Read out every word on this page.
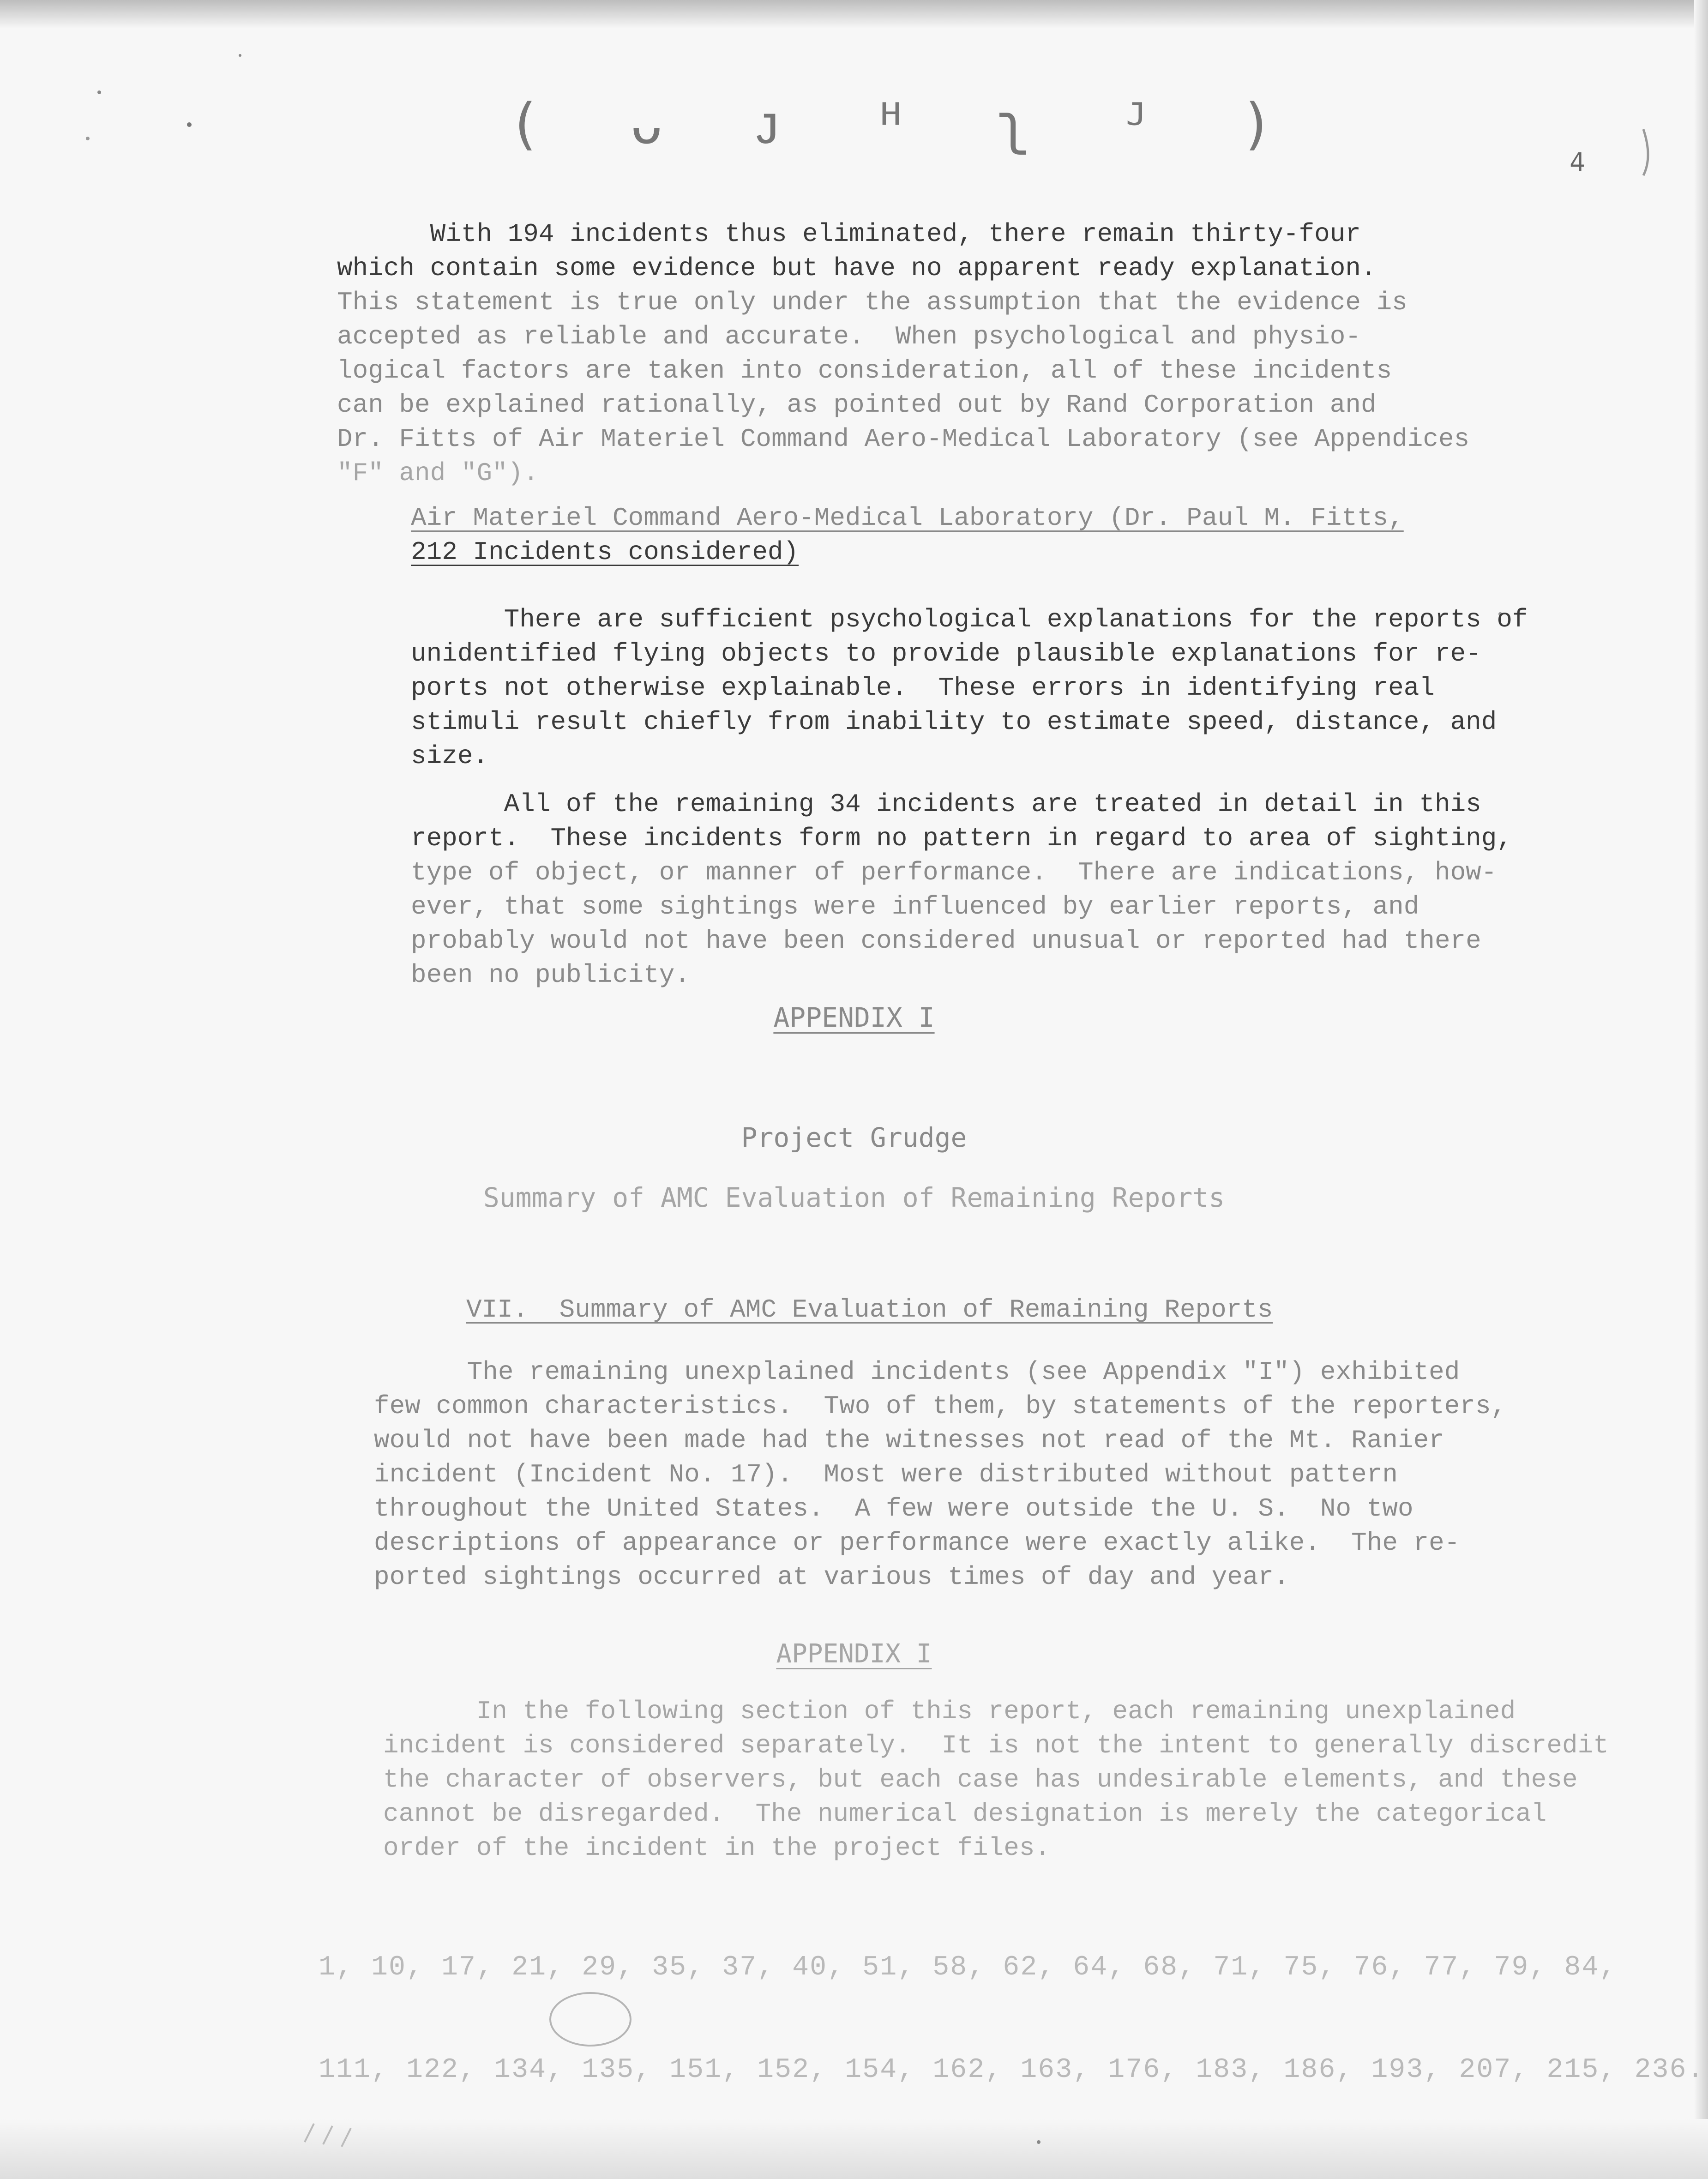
( ᴗ ᴊ ᴴ ʅ ᴶ )
4
With 194 incidents thus eliminated, there remain thirty-four
which contain some evidence but have no apparent ready explanation.
This statement is true only under the assumption that the evidence is
accepted as reliable and accurate.  When psychological and physio-
logical factors are taken into consideration, all of these incidents
can be explained rationally, as pointed out by Rand Corporation and
Dr. Fitts of Air Materiel Command Aero-Medical Laboratory (see Appendices
"F" and "G").
Air Materiel Command Aero-Medical Laboratory (Dr. Paul M. Fitts,
212 Incidents considered)
There are sufficient psychological explanations for the reports of
unidentified flying objects to provide plausible explanations for re-
ports not otherwise explainable.  These errors in identifying real
stimuli result chiefly from inability to estimate speed, distance, and
size.
All of the remaining 34 incidents are treated in detail in this
report.  These incidents form no pattern in regard to area of sighting,
type of object, or manner of performance.  There are indications, how-
ever, that some sightings were influenced by earlier reports, and
probably would not have been considered unusual or reported had there
been no publicity.
APPENDIX I
Project Grudge
Summary of AMC Evaluation of Remaining Reports
VII.  Summary of AMC Evaluation of Remaining Reports
The remaining unexplained incidents (see Appendix "I") exhibited
few common characteristics.  Two of them, by statements of the reporters,
would not have been made had the witnesses not read of the Mt. Ranier
incident (Incident No. 17).  Most were distributed without pattern
throughout the United States.  A few were outside the U. S.  No two
descriptions of appearance or performance were exactly alike.  The re-
ported sightings occurred at various times of day and year.
APPENDIX I
In the following section of this report, each remaining unexplained
incident is considered separately.  It is not the intent to generally discredit
the character of observers, but each case has undesirable elements, and these
cannot be disregarded.  The numerical designation is merely the categorical
order of the incident in the project files.
1, 10, 17, 21, 29, 35, 37, 40, 51, 58, 62, 64, 68, 71, 75, 76, 77, 79, 84,

111, 122, 134, 135, 151, 152, 154, 162, 163, 176, 183, 186, 193, 207, 215, 236.
